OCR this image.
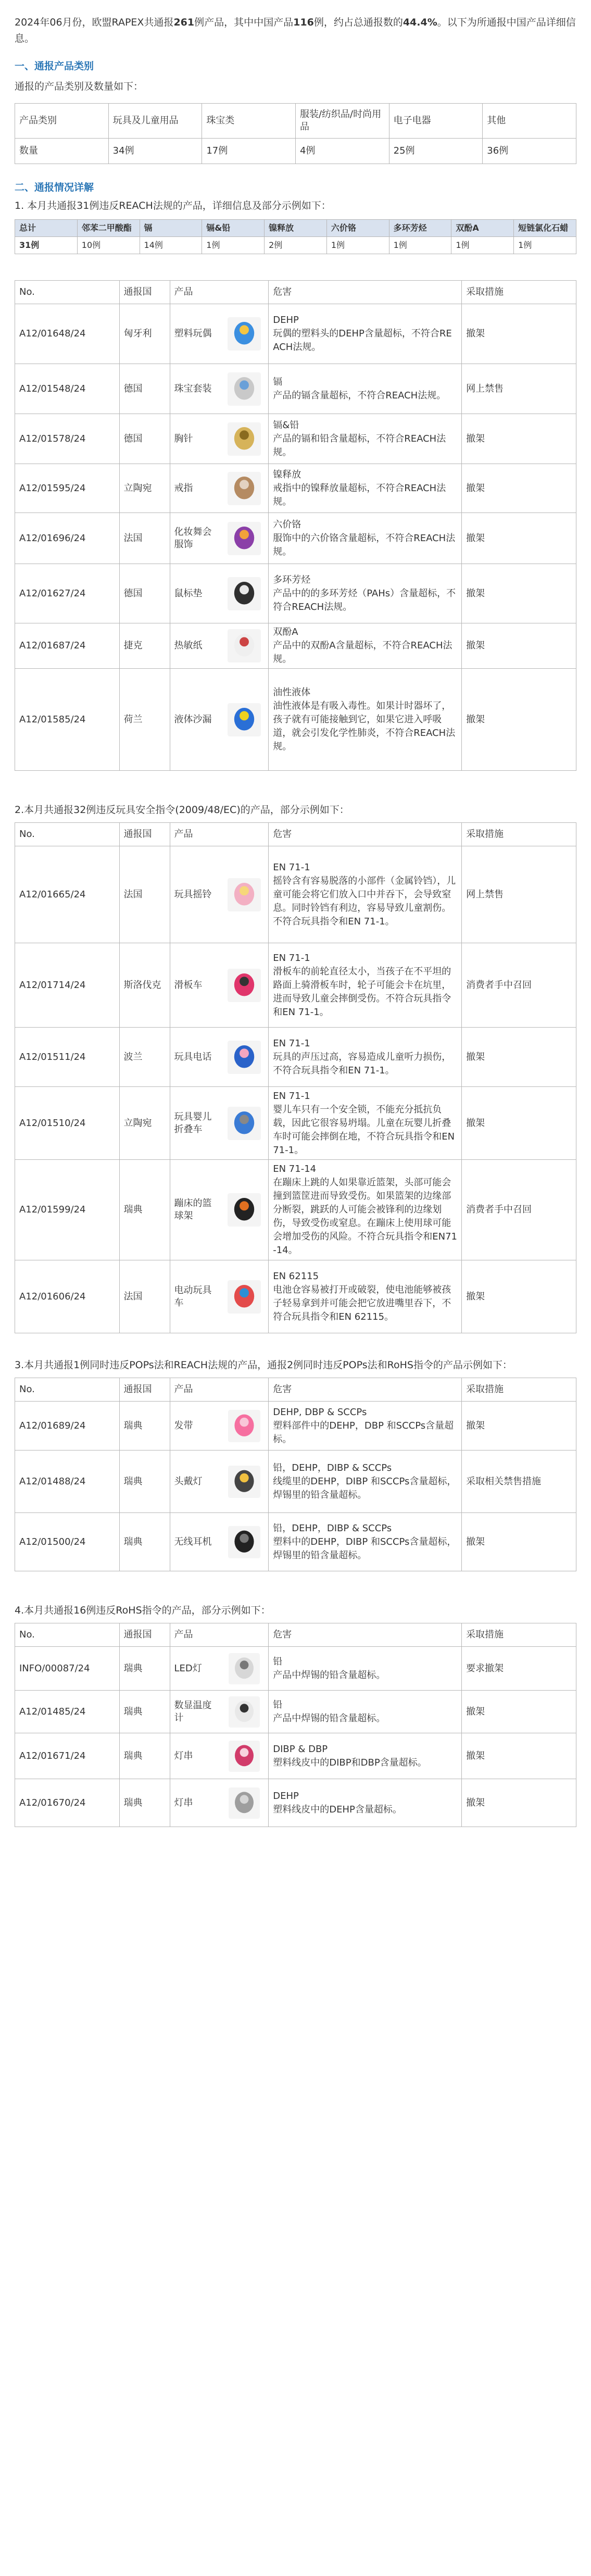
2024年06月份，欧盟RAPEX共通报261例产品，其中中国产品116例，约占总通报数的44.4%。以下为所通报中国产品详细信息。

一、通报产品类别

通报的产品类别及数量如下：

产品类别	玩具及儿童用品	珠宝类	服装/纺织品/时尚用品	电子电器	其他
数量	34例	17例	4例	25例	36例

二、通报情况详解

1. 本月共通报31例违反REACH法规的产品，详细信息及部分示例如下：

总计	邻苯二甲酸酯	镉	镉&铅	镍释放	六价铬	多环芳烃	双酚A	短链氯化石蜡
31例	10例	14例	1例	2例	1例	1例	1例	1例
No.	通报国	产品		危害	采取措施
A12/01648/24	匈牙利	塑料玩偶		DEHP
玩偶的塑料头的DEHP含量超标，不符合REACH法规。	撤架
A12/01548/24	德国	珠宝套装		镉
产品的镉含量超标，不符合REACH法规。	网上禁售
A12/01578/24	德国	胸针		镉&铅
产品的镉和铅含量超标，不符合REACH法规。	撤架
A12/01595/24	立陶宛	戒指		镍释放
戒指中的镍释放量超标，不符合REACH法规。	撤架
A12/01696/24	法国	化妆舞会服饰		六价铬
服饰中的六价铬含量超标，不符合REACH法规。	撤架
A12/01627/24	德国	鼠标垫		多环芳烃
产品中的的多环芳烃（PAHs）含量超标，不符合REACH法规。	撤架
A12/01687/24	捷克	热敏纸		双酚A
产品中的双酚A含量超标，不符合REACH法规。	撤架
A12/01585/24	荷兰	液体沙漏		油性液体
油性液体是有吸入毒性。如果计时器坏了，孩子就有可能接触到它，如果它进入呼吸道，就会引发化学性肺炎，不符合REACH法规。	撤架

2.本月共通报32例违反玩具安全指令(2009/48/EC)的产品，部分示例如下：

No.	通报国	产品		危害	采取措施
A12/01665/24	法国	玩具摇铃		EN 71-1
摇铃含有容易脱落的小部件（金属铃铛），儿童可能会将它们放入口中并吞下，会导致窒息。同时铃铛有利边，容易导致儿童割伤。不符合玩具指令和EN 71-1。	网上禁售
A12/01714/24	斯洛伐克	滑板车		EN 71-1
滑板车的前轮直径太小，当孩子在不平坦的路面上骑滑板车时，轮子可能会卡在坑里，进而导致儿童会摔倒受伤。不符合玩具指令和EN 71-1。	消费者手中召回
A12/01511/24	波兰	玩具电话		EN 71-1
玩具的声压过高，容易造成儿童听力损伤，不符合玩具指令和EN 71-1。	撤架
A12/01510/24	立陶宛	玩具婴儿折叠车		EN 71-1
婴儿车只有一个安全锁，不能充分抵抗负载，因此它很容易坍塌。儿童在玩婴儿折叠车时可能会摔倒在地，不符合玩具指令和EN71-1。	撤架
A12/01599/24	瑞典	蹦床的篮球架		EN 71-14
在蹦床上跳的人如果靠近篮架，头部可能会撞到篮筐进而导致受伤。如果篮架的边缘部分断裂，跳跃的人可能会被锋利的边缘划伤，导致受伤或窒息。在蹦床上使用球可能会增加受伤的风险。不符合玩具指令和EN71-14。	消费者手中召回
A12/01606/24	法国	电动玩具车		EN 62115
电池仓容易被打开或破裂，使电池能够被孩子轻易拿到并可能会把它放进嘴里吞下，不符合玩具指令和EN 62115。	撤架

3.本月共通报1例同时违反POPs法和REACH法规的产品，通报2例同时违反POPs法和RoHS指令的产品示例如下：

No.	通报国	产品		危害	采取措施
A12/01689/24	瑞典	发带		DEHP, DBP & SCCPs
塑料部件中的DEHP，DBP 和SCCPs含量超标。	撤架
A12/01488/24	瑞典	头戴灯		铅，DEHP，DIBP & SCCPs
线缆里的DEHP，DIBP 和SCCPs含量超标，焊锡里的铅含量超标。	采取相关禁售措施
A12/01500/24	瑞典	无线耳机		铅，DEHP，DIBP & SCCPs
塑料中的DEHP，DIBP 和SCCPs含量超标，焊锡里的铅含量超标。	撤架

4.本月共通报16例违反RoHS指令的产品，部分示例如下：

No.	通报国	产品		危害	采取措施
INFO/00087/24	瑞典	LED灯		铅
产品中焊锡的铅含量超标。	要求撤架
A12/01485/24	瑞典	数显温度计		铅
产品中焊锡的铅含量超标。	撤架
A12/01671/24	瑞典	灯串		DIBP & DBP
塑料线皮中的DIBP和DBP含量超标。	撤架
A12/01670/24	瑞典	灯串		DEHP
塑料线皮中的DEHP含量超标。	撤架
